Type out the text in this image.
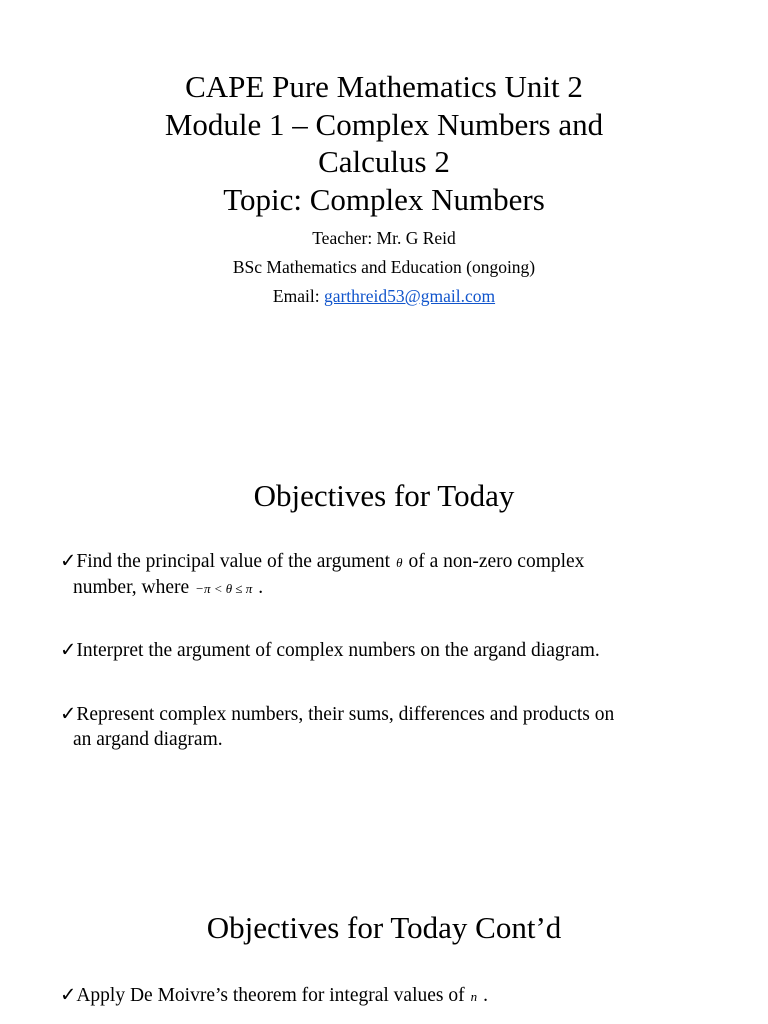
CAPE Pure Mathematics Unit 2
Module 1 – Complex Numbers and
Calculus 2
Topic: Complex Numbers
Teacher: Mr. G Reid
BSc Mathematics and Education (ongoing)
Email: garthreid53@gmail.com
Objectives for Today
✓Find the principal value of the argument θ of a non-zero complex
number, where −π < θ ≤ π .
✓Interpret the argument of complex numbers on the argand diagram.
✓Represent complex numbers, their sums, differences and products on
an argand diagram.
Objectives for Today Cont’d
✓Apply De Moivre’s theorem for integral values of n .
